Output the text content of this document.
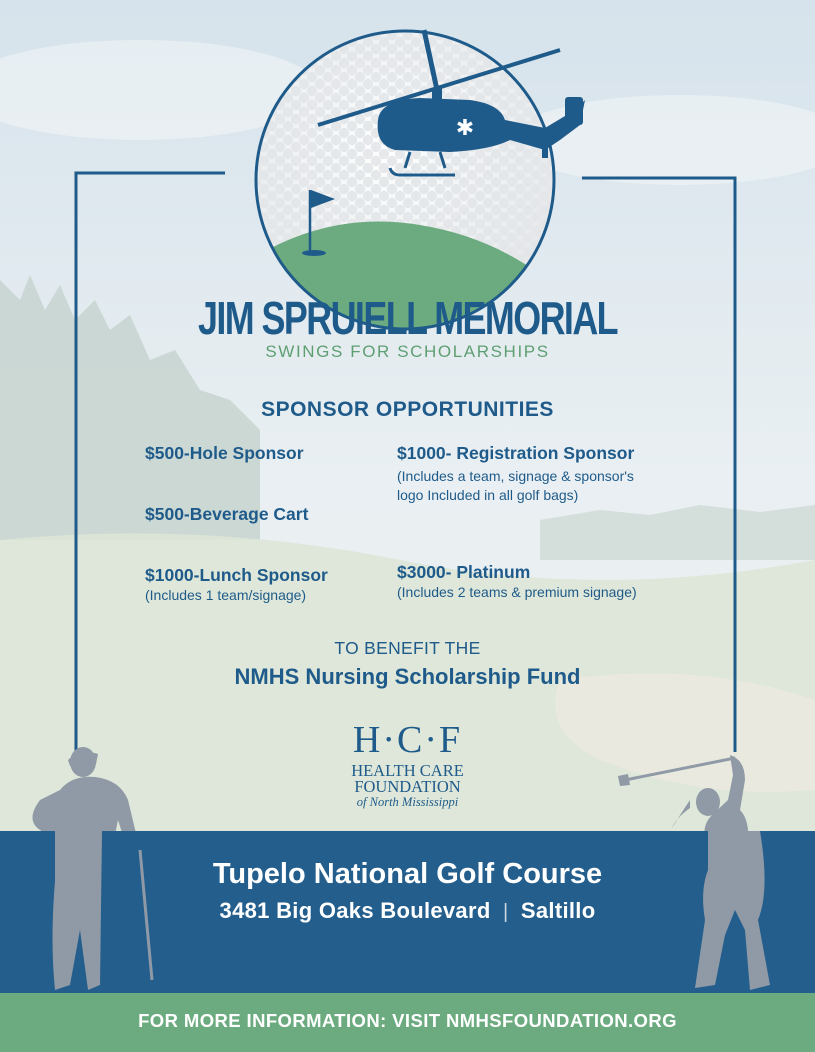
✱
JIM SPRUIELL MEMORIAL
SWINGS FOR SCHOLARSHIPS
SPONSOR OPPORTUNITIES
$500-Hole Sponsor
$500-Beverage Cart
$1000-Lunch Sponsor
(Includes 1 team/signage)
$1000- Registration Sponsor
(Includes a team, signage & sponsor's
logo Included in all golf bags)
$3000- Platinum
(Includes 2 teams & premium signage)
TO BENEFIT THE
NMHS Nursing Scholarship Fund
H·C·F
HEALTH CARE
FOUNDATION
of North Mississippi
Tupelo National Golf Course
3481 Big Oaks Boulevard | Saltillo
FOR MORE INFORMATION: VISIT NMHSFOUNDATION.ORG
